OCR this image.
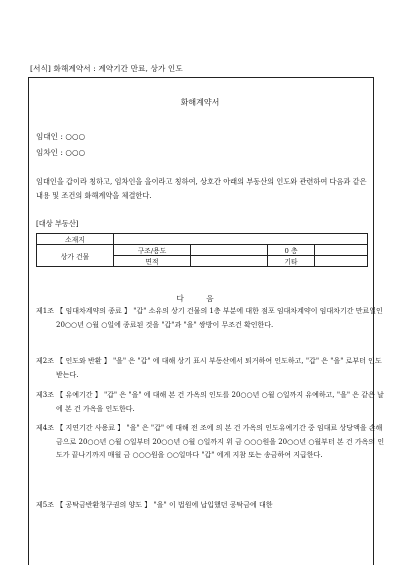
[서식] 화해계약서 : 계약기간 만료, 상가 인도
화해계약서
임대인 : ○○○
임차인 : ○○○
임대인을 갑이라 칭하고, 임차인을 을이라고 칭하여, 상호간 아래의 부동산의 인도와 관련하여 다음과 같은 내용 및 조건의 화해계약을 체결한다.
[대상 부동산]
소재지				
상가 건물	구조/용도		0 층	
	면적		기타	
다 음
제1조 【 임대차계약의 종료 】 "갑" 소유의 상기 건물의 1층 부분에 대한 점포 임대차계약이 임대차기간 만료일인 20○○년 ○월 ○일에 종료된 것을 "갑"과 "을" 쌍방이 무조건 확인한다.
제2조 【 인도와 반환 】 "을" 은 "갑" 에 대해 상기 표시 부동산에서 퇴거하여 인도하고, "갑" 은 "을" 로부터 인도받는다.
제3조 【 유예기간 】 "갑" 은 "을" 에 대해 본 건 가옥의 인도를 20○○년 ○월 ○일까지 유예하고, "을" 은 같은 날에 본 건 가옥을 인도한다.
제4조 【 지연기간 사용료 】 "을" 은 "갑" 에 대해 전 조에 의 본 건 가옥의 인도유예기간 중 임대료 상당액을 손해금으로 20○○년 ○월 ○일부터 20○○년 ○월 ○일까지 위 금 ○○○원을 20○○년 ○월부터 본 건 가옥의 인도가 끝나기까지 매월 금 ○○○원을 ○○일마다 "갑" 에게 지참 또는 송금하여 지급한다.
제5조 【 공탁금반환청구권의 양도 】 "을" 이 법원에 납입했던 공탁금에 대한
